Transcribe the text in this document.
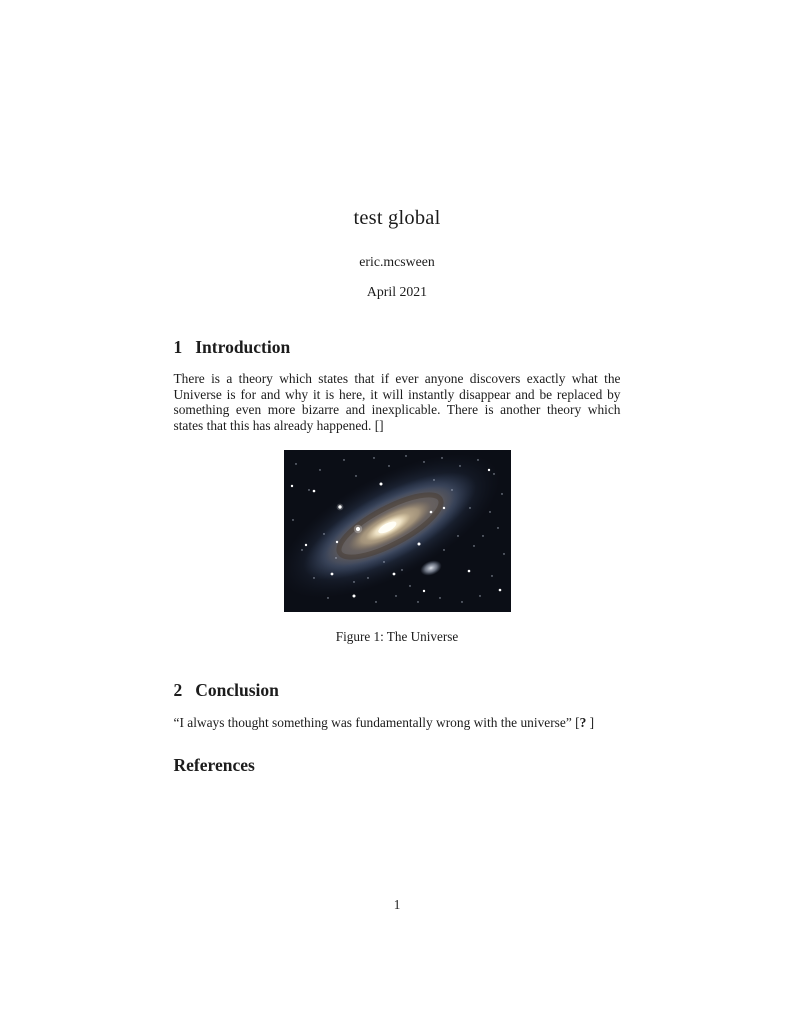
test global
eric.mcsween
April 2021
1 Introduction

There is a theory which states that if ever anyone discovers exactly what the Universe is for and why it is here, it will instantly disappear and be replaced by something even more bizarre and inexplicable. There is another theory which states that this has already happened. []

Figure 1: The Universe
2 Conclusion

“I always thought something was fundamentally wrong with the universe” [? ]

References
1
